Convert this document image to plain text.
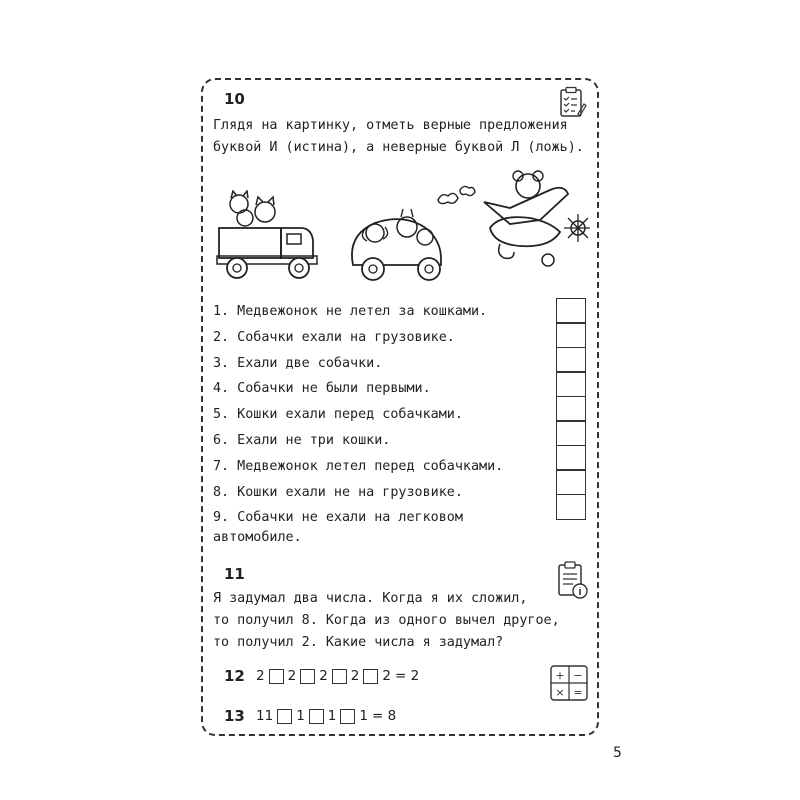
10
Глядя на картинку, отметь верные предложения
буквой И (истина), а неверные буквой Л (ложь).
1. Медвежонок не летел за кошками.
2. Собачки ехали на грузовике.
3. Ехали две собачки.
4. Собачки не были первыми.
5. Кошки ехали перед собачками.
6. Ехали не три кошки.
7. Медвежонок летел перед собачками.
8. Кошки ехали не на грузовике.
9. Собачки не ехали на легковом
автомобиле.
11
Я задумал два числа. Когда я их сложил,
то получил 8. Когда из одного вычел другое,
то получил 2. Какие числа я задумал?
12 2 2 2 2 2 = 2
13 11 1 1 1 = 8
+ −
× =
5
